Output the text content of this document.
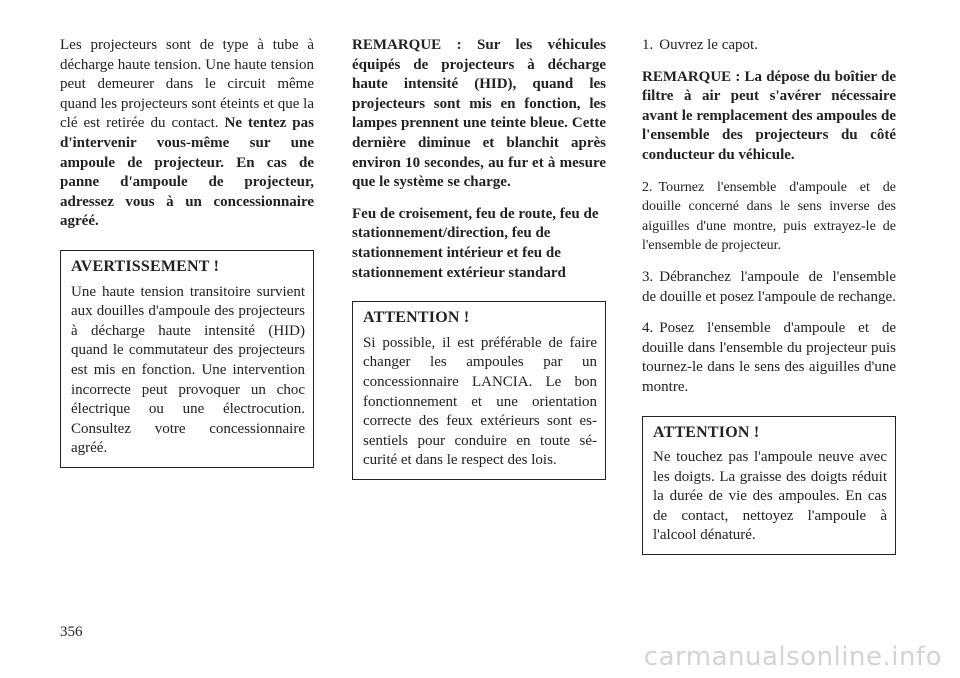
Les projecteurs sont de type à tube à décharge haute tension. Une haute tension peut demeurer dans le circuit même quand les projecteurs sont éteints et que la clé est retirée du contact. Ne tentez pas d'intervenir vous-même sur une ampoule de projecteur. En cas de panne d'ampoule de projecteur, adressez vous à un concessionnaire agréé.

AVERTISSEMENT !

Une haute tension transitoire survient aux douilles d'ampoule des projecteurs à décharge haute intensité (HID) quand le commutateur des projecteurs est mis en fonction. Une intervention incorrecte peut provoquer un choc électrique ou une électrocution. Consultez votre concessionnaire agréé.

REMARQUE : Sur les véhicules équipés de projecteurs à décharge haute intensité (HID), quand les projecteurs sont mis en fonction, les lampes prennent une teinte bleue. Cette dernière diminue et blanchit après environ 10 secondes, au fur et à mesure que le système se charge.

Feu de croisement, feu de route, feu de stationnement/direction, feu de stationnement intérieur et feu de stationnement extérieur standard

ATTENTION !

Si possible, il est préférable de faire changer les ampoules par un concessionnaire LANCIA. Le bon fonctionnement et une orientation correcte des feux extérieurs sont essentiels pour conduire en toute sécurité et dans le respect des lois.

1. Ouvrez le capot.

REMARQUE : La dépose du boîtier de filtre à air peut s'avérer nécessaire avant le remplacement des ampoules de l'ensemble des projecteurs du côté conducteur du véhicule.

2. Tournez l'ensemble d'ampoule et de douille concerné dans le sens inverse des aiguilles d'une montre, puis extrayez-le de l'ensemble de projecteur.

3. Débranchez l'ampoule de l'ensemble de douille et posez l'ampoule de rechange.

4. Posez l'ensemble d'ampoule et de douille dans l'ensemble du projecteur puis tournez-le dans le sens des aiguilles d'une montre.

ATTENTION !

Ne touchez pas l'ampoule neuve avec les doigts. La graisse des doigts réduit la durée de vie des ampoules. En cas de contact, nettoyez l'ampoule à l'alcool dénaturé.

356
carmanualsonline.info
